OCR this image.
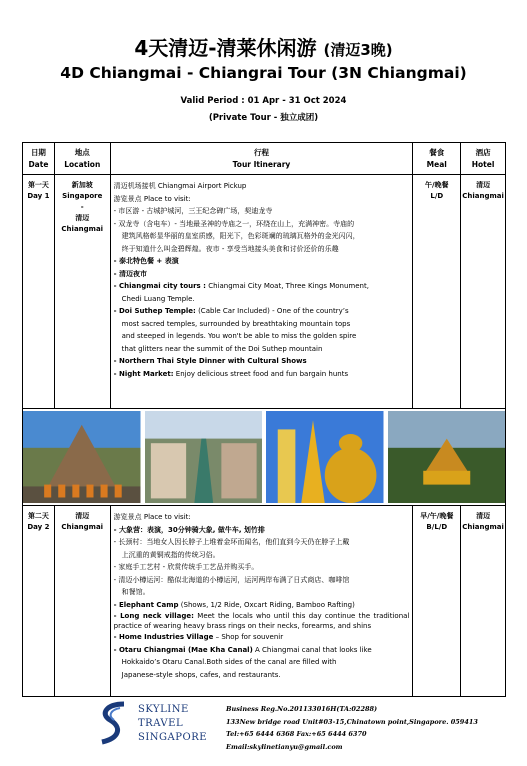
4天清迈-清莱休闲游 (清迈3晚)
4D Chiangmai - Chiangrai Tour (3N Chiangmai)
Valid Period : 01 Apr - 31 Oct 2024
(Private Tour - 独立成团)
日期
Date
地点
Location
行程
Tour Itinerary
餐食
Meal
酒店
Hotel
第一天
Day 1
新加坡
Singapore
-
清迈
Chiangmai
清迈机场接机 Chiangmai Airport Pickup
游览景点 Place to visit:
- 市区游 - 古城护城河，三王纪念碑广场，契迪龙寺
- 双龙寺（含电车）- 当地最圣神的寺庙之一，环绕在山上，充满神密。寺庙的
建筑风格彰显华丽的皇室质感，阳光下，色彩斑斓的琉璃瓦格外的金光闪闪，
终于知道什么叫金碧辉煌。夜市 - 享受当地接头美食和讨价还价的乐趣
- 泰北特色餐 + 表演
- 清迈夜市
- Chiangmai city tours : Chiangmai City Moat, Three Kings Monument,
Chedi Luang Temple.
- Doi Suthep Temple: (Cable Car Included) - One of the country’s
most sacred temples, surrounded by breathtaking mountain tops
and steeped in legends. You won't be able to miss the golden spire
that glitters near the summit of the Doi Suthep mountain
- Northern Thai Style Dinner with Cultural Shows
- Night Market: Enjoy delicious street food and fun bargain hunts
午/晚餐
L/D
清迈
Chiangmai
第二天
Day 2
清迈
Chiangmai
游览景点 Place to visit:
- 大象营：表演，30分钟骑大象, 做牛车, 划竹排
- 长颈村：当地女人因长脖子上堆着金环而闻名，他们直到今天仍在脖子上戴
上沉重的黄铜戒指的传统习俗。
- 家庭手工艺村 - 欣赏传统手工艺品并购买手。
- 清迈小樽运河：酷似北海道的小樽运河，运河两岸布满了日式商店、咖啡馆
和餐馆。
- Elephant Camp (Shows, 1/2 Ride, Oxcart Riding, Bamboo Rafting)
- Long neck village: Meet the locals who until this day continue the traditional practice of wearing heavy brass rings on their necks, forearms, and shins
- Home Industries Village – Shop for souvenir
- Otaru Chiangmai (Mae Kha Canal) A Chiangmai canal that looks like
Hokkaido’s Otaru Canal.Both sides of the canal are filled with
Japanese-style shops, cafes, and restaurants.
早/午/晚餐
B/L/D
清迈
Chiangmai
SKYLINE
TRAVEL
SINGAPORE
Business Reg.No.201133016H(TA:02288)
133New bridge road Unit#03-15,Chinatown point,Singapore. 059413
Tel:+65 6444 6368 Fax:+65 6444 6370
Email:skylinetianyu@gmail.com
